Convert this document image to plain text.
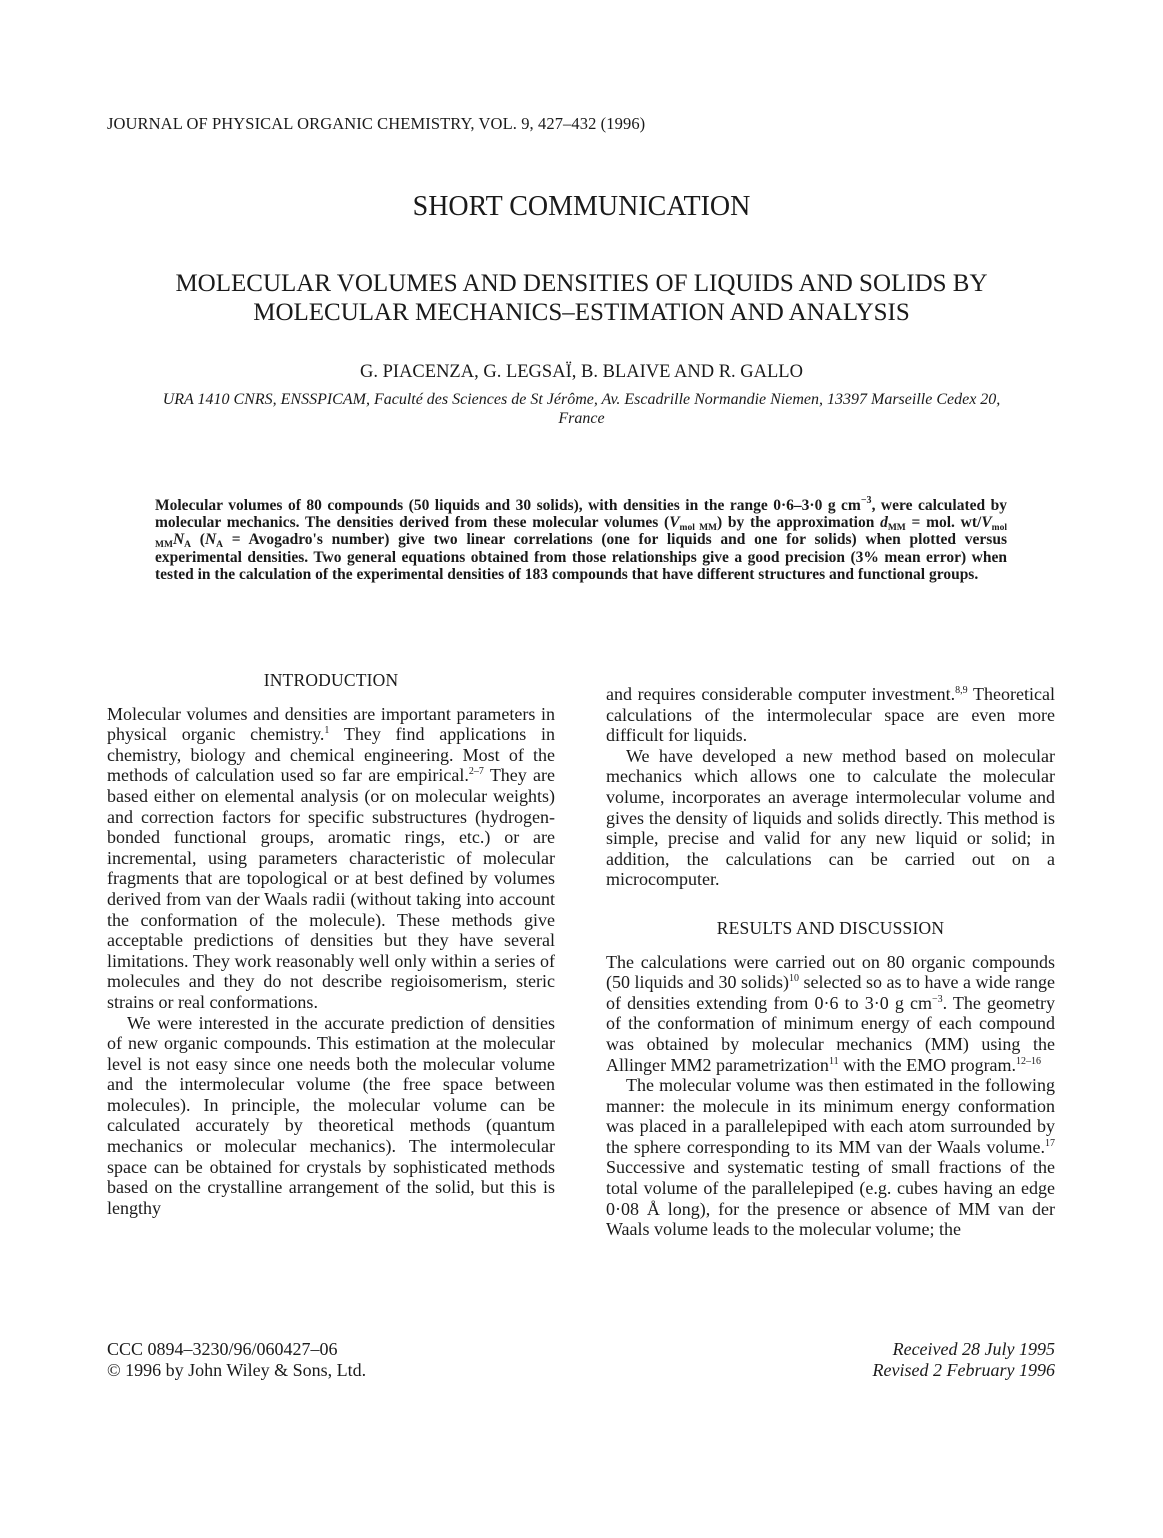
JOURNAL OF PHYSICAL ORGANIC CHEMISTRY, VOL. 9, 427–432 (1996)
SHORT COMMUNICATION
MOLECULAR VOLUMES AND DENSITIES OF LIQUIDS AND SOLIDS BY
MOLECULAR MECHANICS–ESTIMATION AND ANALYSIS
G. PIACENZA, G. LEGSAÏ, B. BLAIVE AND R. GALLO
URA 1410 CNRS, ENSSPICAM, Faculté des Sciences de St Jérôme, Av. Escadrille Normandie Niemen, 13397 Marseille Cedex 20,
France
Molecular volumes of 80 compounds (50 liquids and 30 solids), with densities in the range 0·6–3·0 g $cm^{-3}$, were calculated by molecular mechanics. The densities derived from these molecular volumes $(V_{mol MM})$ by the approximation $d_{MM}$ = mol. $wt/V_{mol MM}N_A$ ($N_A$ = Avogadro's number) give two linear correlations (one for liquids and one for solids) when plotted versus experimental densities. Two general equations obtained from those relationships give a good precision (3% mean error) when tested in the calculation of the experimental densities of 183 compounds that have different structures and functional groups.
INTRODUCTION

Molecular volumes and densities are important parameters in physical organic chemistry.$^1$ They find applications in chemistry, biology and chemical engineering. Most of the methods of calculation used so far are empirical.$^{2-7}$ They are based either on elemental analysis (or on molecular weights) and correction factors for specific substructures (hydrogen-bonded functional groups, aromatic rings, etc.) or are incremental, using parameters characteristic of molecular fragments that are topological or at best defined by volumes derived from van der Waals radii (without taking into account the conformation of the molecule). These methods give acceptable predictions of densities but they have several limitations. They work reasonably well only within a series of molecules and they do not describe regioisomerism, steric strains or real conformations.

We were interested in the accurate prediction of densities of new organic compounds. This estimation at the molecular level is not easy since one needs both the molecular volume and the intermolecular volume (the free space between molecules). In principle, the molecular volume can be calculated accurately by theoretical methods (quantum mechanics or molecular mechanics). The intermolecular space can be obtained for crystals by sophisticated methods based on the crystalline arrangement of the solid, but this is lengthy

and requires considerable computer investment.$^{8,9}$ Theoretical calculations of the intermolecular space are even more difficult for liquids.

We have developed a new method based on molecular mechanics which allows one to calculate the molecular volume, incorporates an average intermolecular volume and gives the density of liquids and solids directly. This method is simple, precise and valid for any new liquid or solid; in addition, the calculations can be carried out on a microcomputer.

RESULTS AND DISCUSSION

The calculations were carried out on 80 organic compounds (50 liquids and 30 solids)$^{10}$ selected so as to have a wide range of densities extending from 0·6 to 3·0 g $cm^{-3}$. The geometry of the conformation of minimum energy of each compound was obtained by molecular mechanics (MM) using the Allinger MM2 parametrization$^{11}$ with the EMO program.$^{12-16}$

The molecular volume was then estimated in the following manner: the molecule in its minimum energy conformation was placed in a parallelepiped with each atom surrounded by the sphere corresponding to its MM van der Waals volume.$^{17}$ Successive and systematic testing of small fractions of the total volume of the parallelepiped (e.g. cubes having an edge 0·08 Å long), for the presence or absence of MM van der Waals volume leads to the molecular volume; the

CCC 0894–3230/96/060427–06
© 1996 by John Wiley & Sons, Ltd.
Received 28 July 1995
Revised 2 February 1996
